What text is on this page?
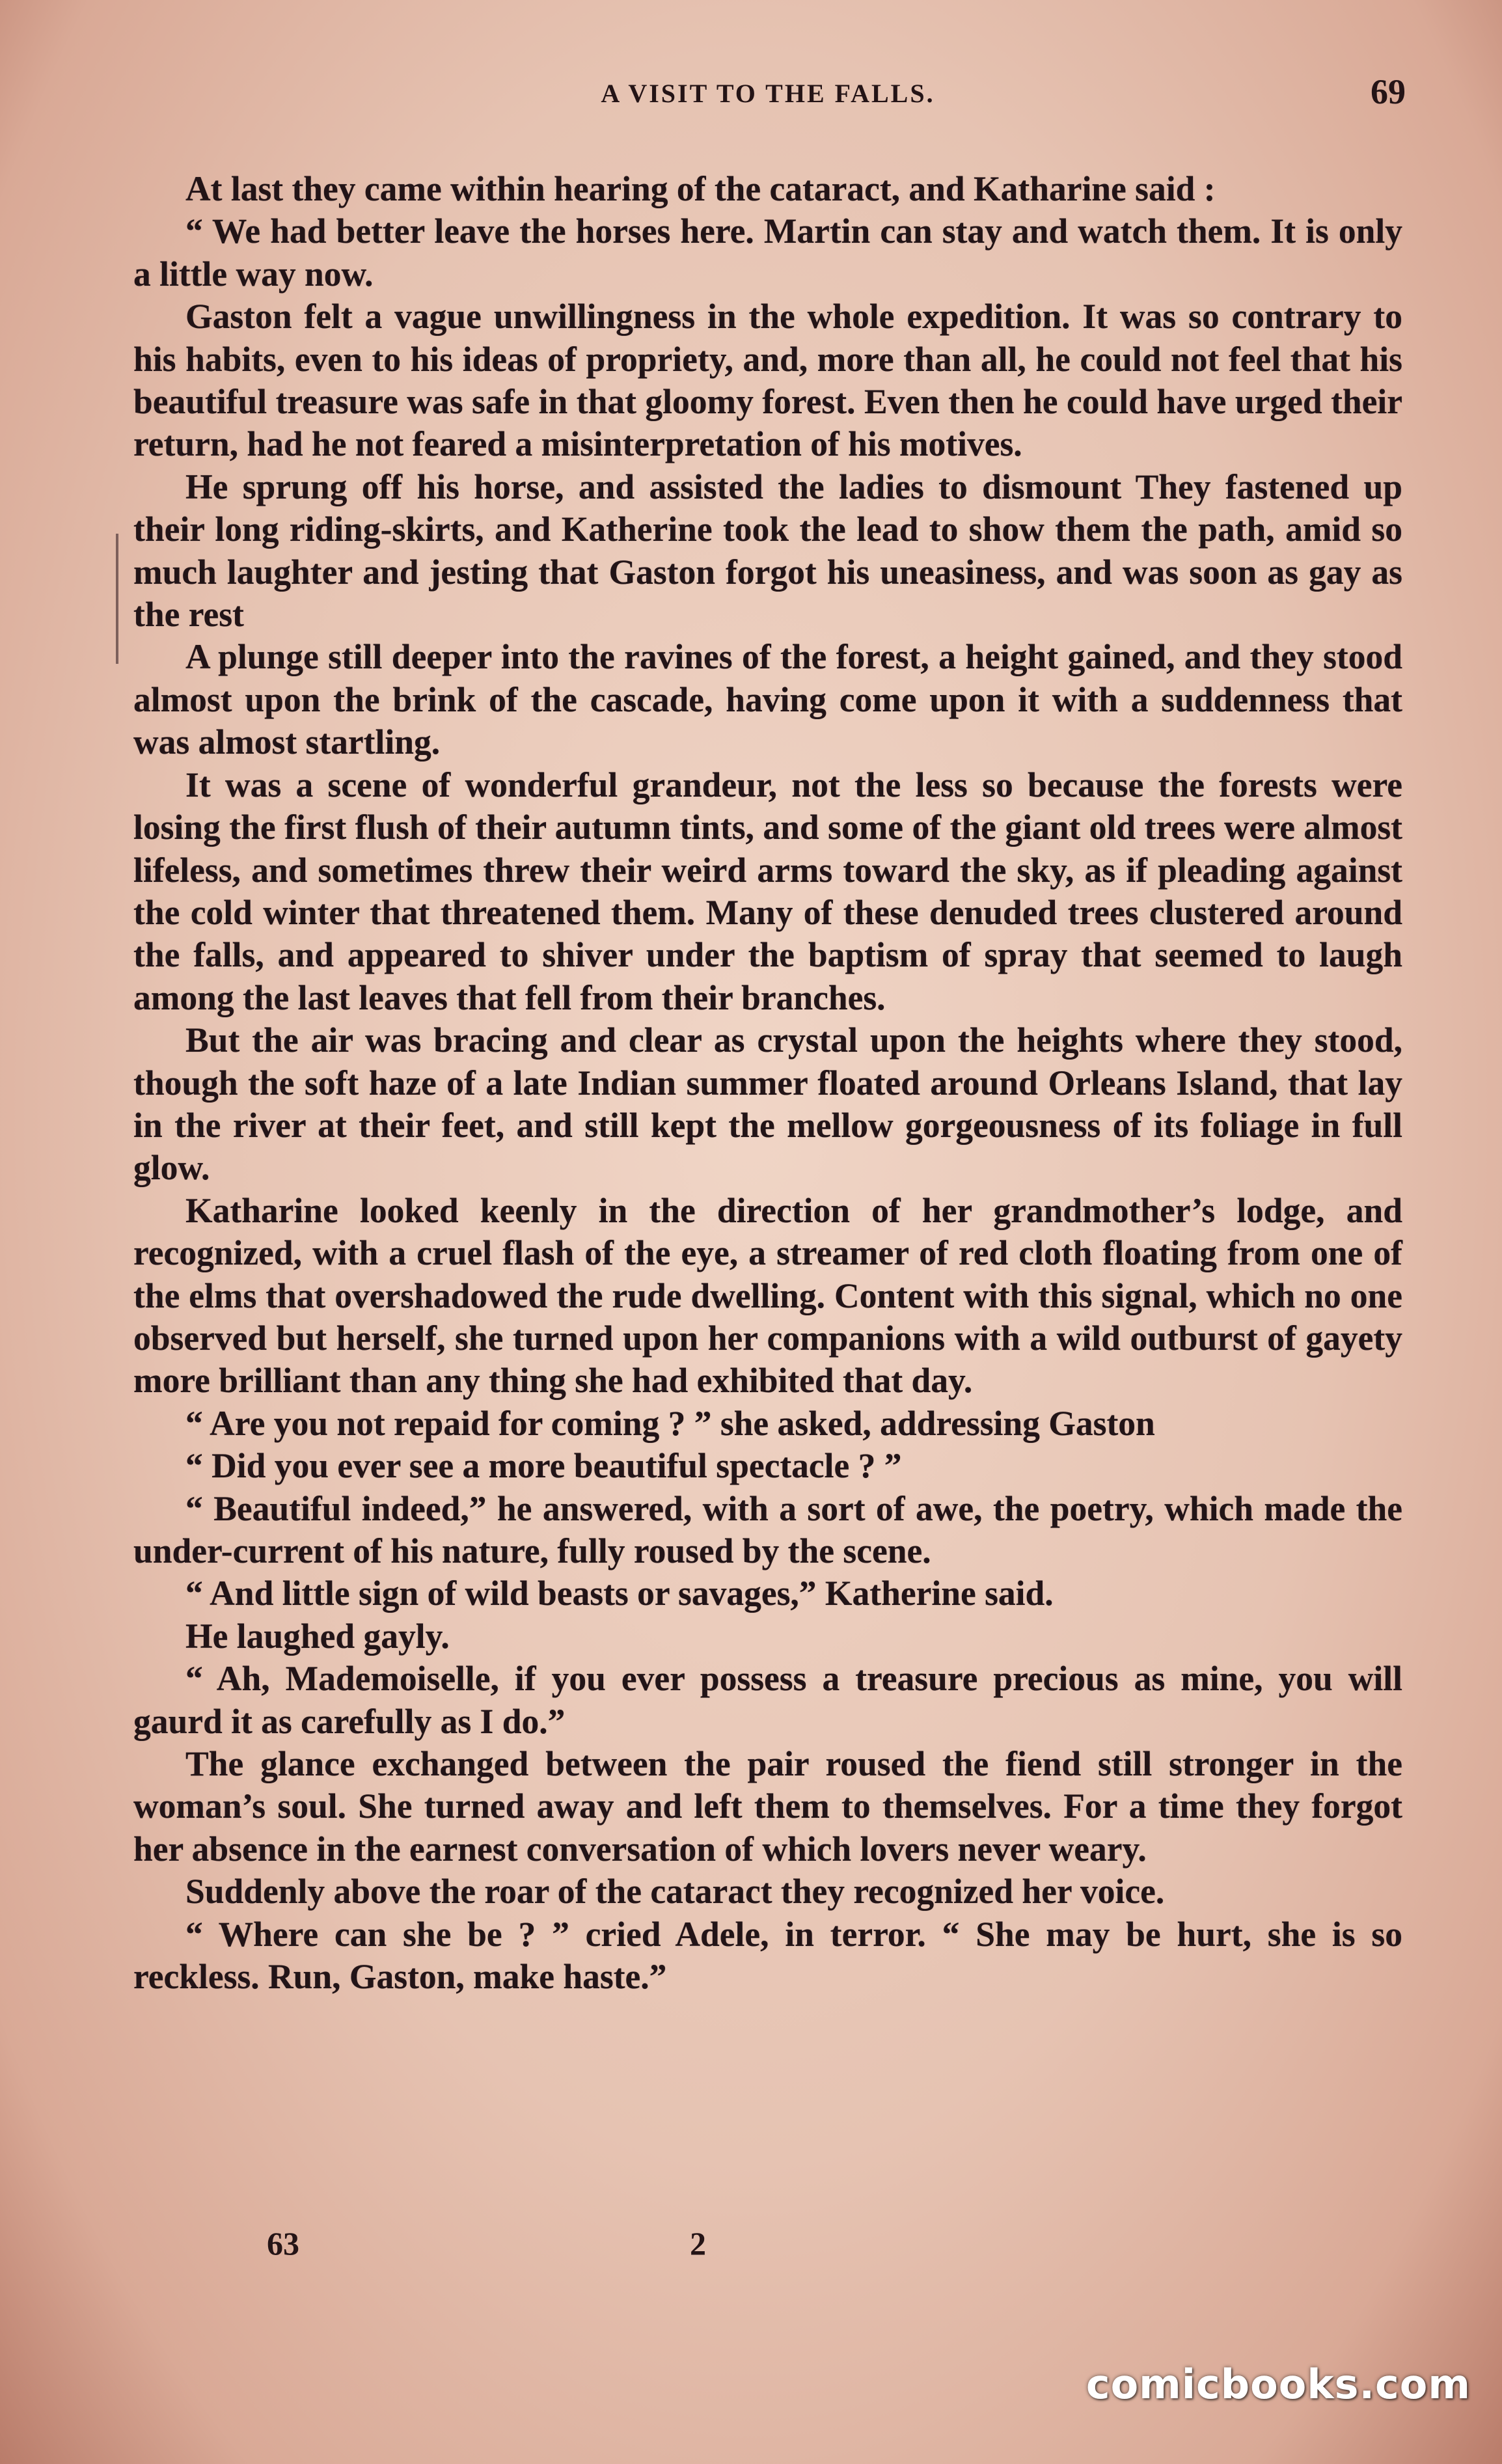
A VISIT TO THE FALLS.	69

At last they came within hearing of the cataract, and Katharine said :

“ We had better leave the horses here. Martin can stay and watch them. It is only a little way now.

Gaston felt a vague unwillingness in the whole expedition. It was so contrary to his habits, even to his ideas of propriety, and, more than all, he could not feel that his beautiful treasure was safe in that gloomy forest. Even then he could have urged their return, had he not feared a misinterpretation of his motives.

He sprung off his horse, and assisted the ladies to dismount They fastened up their long riding-skirts, and Katherine took the lead to show them the path, amid so much laughter and jesting that Gaston forgot his uneasiness, and was soon as gay as the rest

A plunge still deeper into the ravines of the forest, a height gained, and they stood almost upon the brink of the cascade, having come upon it with a suddenness that was almost startling.

It was a scene of wonderful grandeur, not the less so because the forests were losing the first flush of their autumn tints, and some of the giant old trees were almost lifeless, and sometimes threw their weird arms toward the sky, as if pleading against the cold winter that threatened them. Many of these denuded trees clustered around the falls, and appeared to shiver under the baptism of spray that seemed to laugh among the last leaves that fell from their branches.

But the air was bracing and clear as crystal upon the heights where they stood, though the soft haze of a late Indian summer floated around Orleans Island, that lay in the river at their feet, and still kept the mellow gorgeousness of its foliage in full glow.

Katharine looked keenly in the direction of her grandmother’s lodge, and recognized, with a cruel flash of the eye, a streamer of red cloth floating from one of the elms that overshadowed the rude dwelling. Content with this signal, which no one observed but herself, she turned upon her companions with a wild outburst of gayety more brilliant than any thing she had exhibited that day.

“ Are you not repaid for coming ? ” she asked, addressing Gaston

“ Did you ever see a more beautiful spectacle ? ”

“ Beautiful indeed,” he answered, with a sort of awe, the poetry, which made the under-current of his nature, fully roused by the scene.

“ And little sign of wild beasts or savages,” Katherine said.

He laughed gayly.

“ Ah, Mademoiselle, if you ever possess a treasure precious as mine, you will gaurd it as carefully as I do.”

The glance exchanged between the pair roused the fiend still stronger in the woman’s soul. She turned away and left them to themselves. For a time they forgot her absence in the earnest conversation of which lovers never weary.

Suddenly above the roar of the cataract they recognized her voice.

“ Where can she be ? ” cried Adele, in terror. “ She may be hurt, she is so reckless. Run, Gaston, make haste.”

63	2
comicbooks.com
